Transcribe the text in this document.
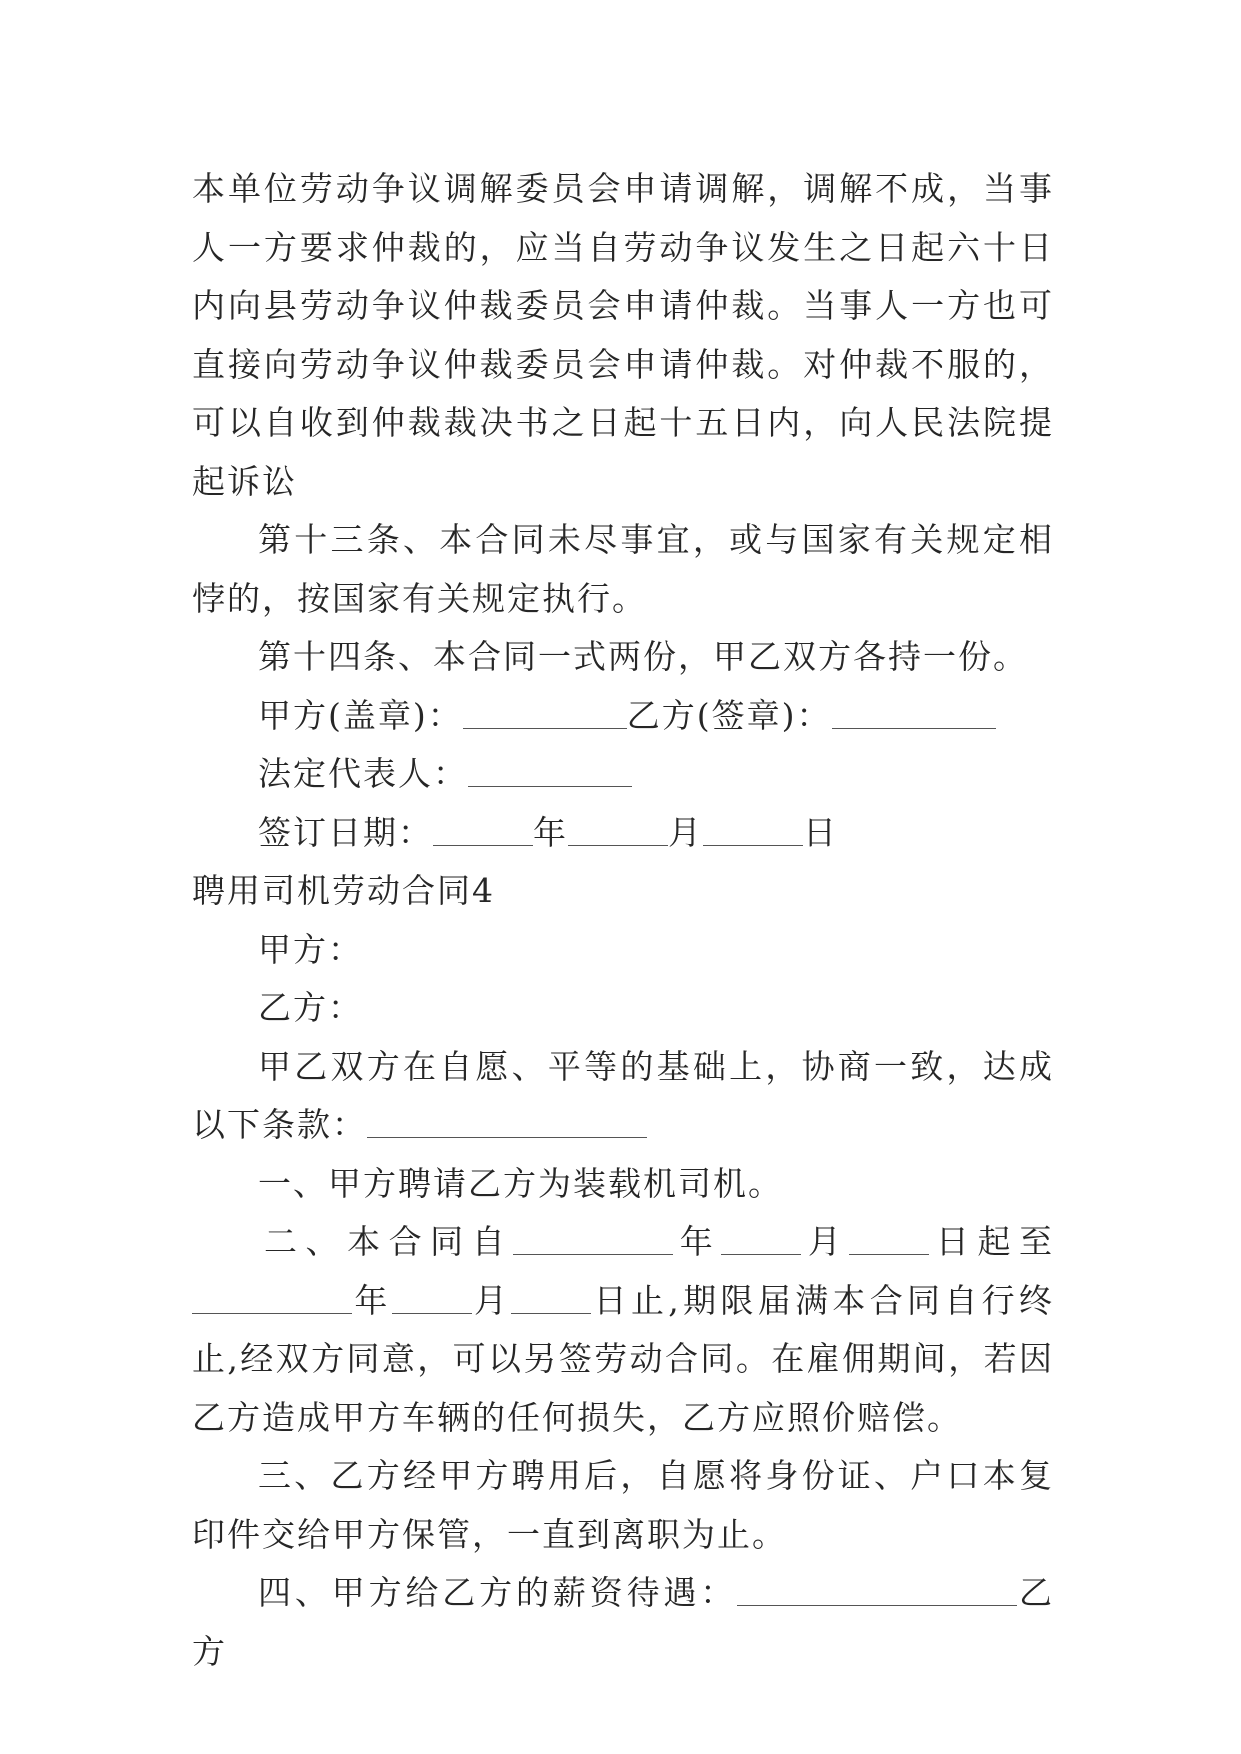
本单位劳动争议调解委员会申请调解，调解不成，当事人一方要求仲裁的，应当自劳动争议发生之日起六十日内向县劳动争议仲裁委员会申请仲裁。当事人一方也可直接向劳动争议仲裁委员会申请仲裁。对仲裁不服的，可以自收到仲裁裁决书之日起十五日内，向人民法院提起诉讼

第十三条、本合同未尽事宜，或与国家有关规定相悖的，按国家有关规定执行。

第十四条、本合同一式两份，甲乙双方各持一份。

甲方(盖章)：	乙方(签章)：

法定代表人：

签订日期：	年	月	日

聘用司机劳动合同4

甲方：

乙方：

甲乙双方在自愿、平等的基础上，协商一致，达成以下条款：

一、甲方聘请乙方为装载机司机。

二、本合同自	年 月 日起至年 月 日止,期限届满本合同自行终止,经双方同意，可以另签劳动合同。在雇佣期间，若因乙方造成甲方车辆的任何损失，乙方应照价赔偿。

三、乙方经甲方聘用后，自愿将身份证、户口本复印件交给甲方保管，一直到离职为止。

四、甲方给乙方的薪资待遇：	乙方
